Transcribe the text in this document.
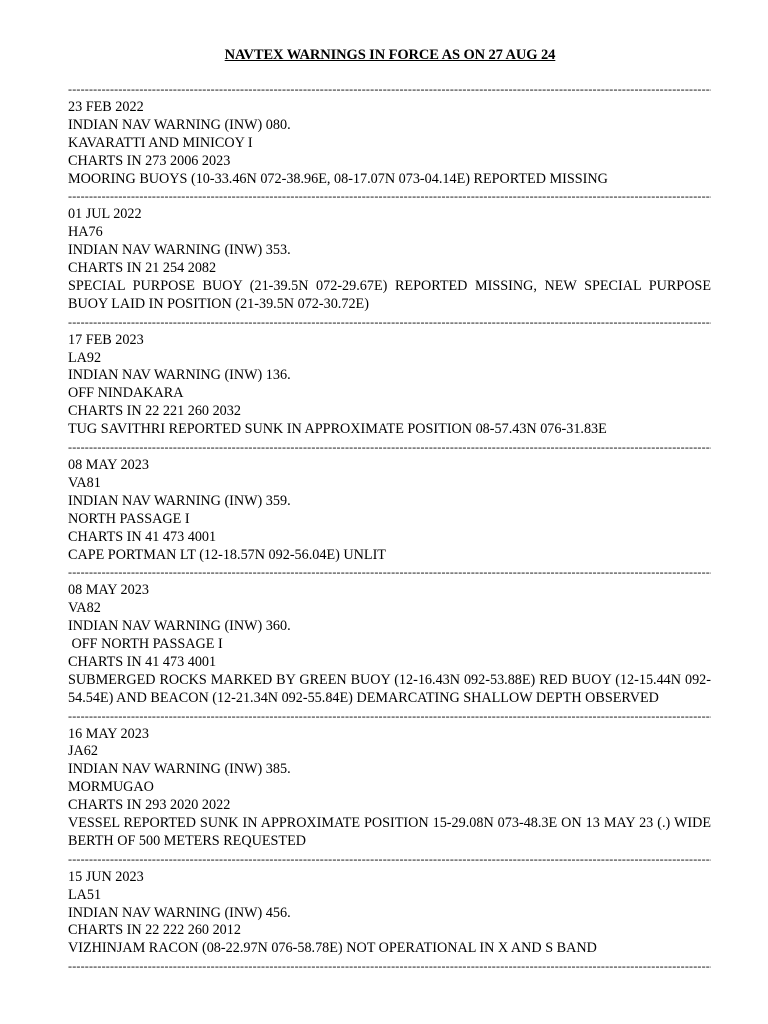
NAVTEX WARNINGS IN FORCE AS ON 27 AUG 24
-----
23 FEB 2022
INDIAN NAV WARNING (INW) 080.
KAVARATTI AND MINICOY I
CHARTS IN 273 2006 2023
MOORING BUOYS (10-33.46N 072-38.96E, 08-17.07N 073-04.14E) REPORTED MISSING
-----
01 JUL 2022
HA76
INDIAN NAV WARNING (INW) 353.
CHARTS IN 21 254 2082
SPECIAL PURPOSE BUOY (21-39.5N 072-29.67E) REPORTED MISSING, NEW SPECIAL PURPOSE BUOY LAID IN POSITION (21-39.5N 072-30.72E)
-----
17 FEB 2023
LA92
INDIAN NAV WARNING (INW) 136.
OFF NINDAKARA
CHARTS IN 22 221 260 2032
TUG SAVITHRI REPORTED SUNK IN APPROXIMATE POSITION 08-57.43N 076-31.83E
-----
08 MAY 2023
VA81
INDIAN NAV WARNING (INW) 359.
NORTH PASSAGE I
CHARTS IN 41 473 4001
CAPE PORTMAN LT (12-18.57N 092-56.04E) UNLIT
-----
08 MAY 2023
VA82
INDIAN NAV WARNING (INW) 360.
OFF NORTH PASSAGE I
CHARTS IN 41 473 4001
SUBMERGED ROCKS MARKED BY GREEN BUOY (12-16.43N 092-53.88E) RED BUOY (12-15.44N 092-54.54E) AND BEACON (12-21.34N 092-55.84E) DEMARCATING SHALLOW DEPTH OBSERVED
-----
16 MAY 2023
JA62
INDIAN NAV WARNING (INW) 385.
MORMUGAO
CHARTS IN 293 2020 2022
VESSEL REPORTED SUNK IN APPROXIMATE POSITION 15-29.08N 073-48.3E ON 13 MAY 23 (.) WIDE BERTH OF 500 METERS REQUESTED
-----
15 JUN 2023
LA51
INDIAN NAV WARNING (INW) 456.
CHARTS IN 22 222 260 2012
VIZHINJAM RACON (08-22.97N 076-58.78E) NOT OPERATIONAL IN X AND S BAND
-----
